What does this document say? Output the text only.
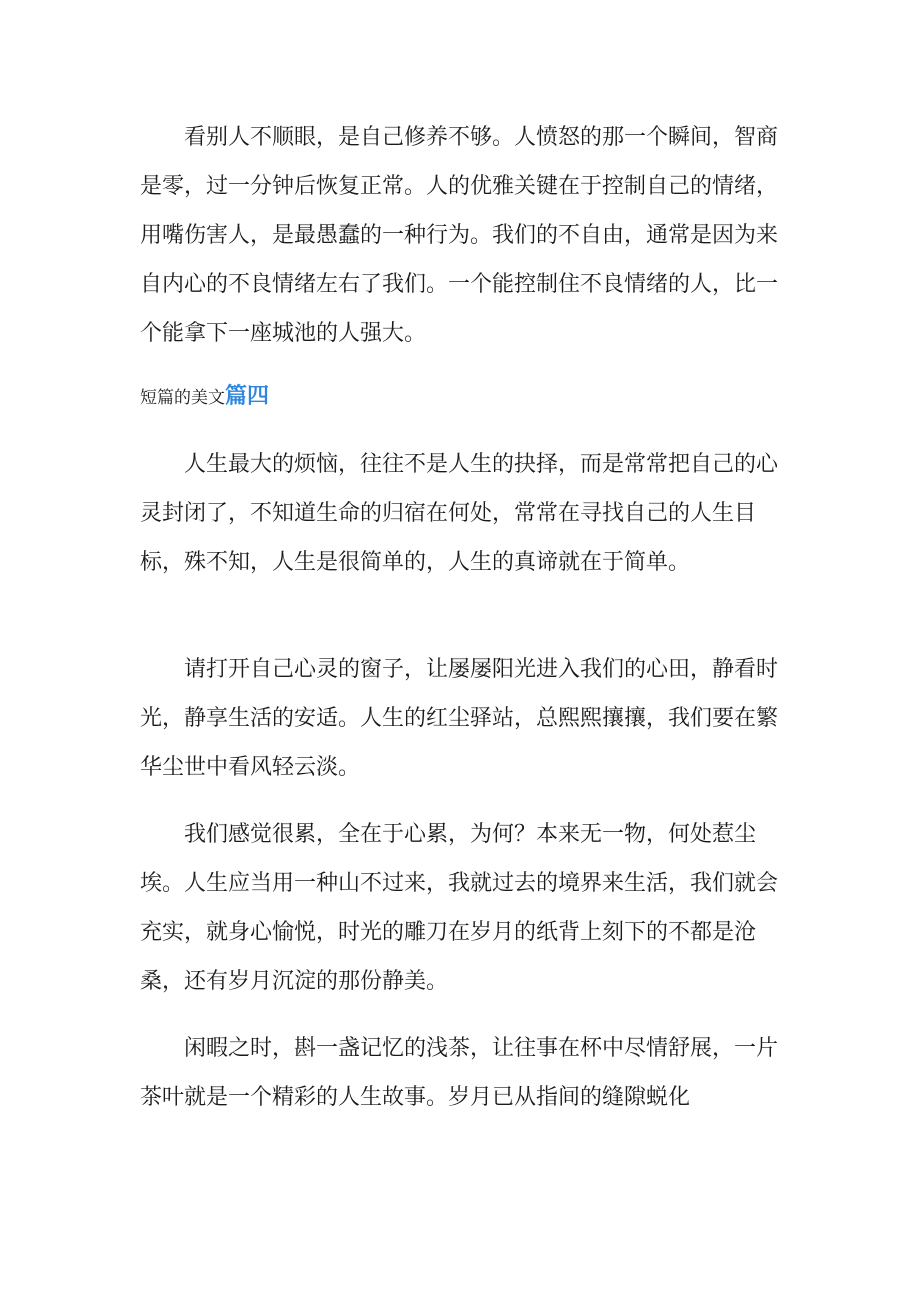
看别人不顺眼，是自己修养不够。人愤怒的那一个瞬间，智商是零，过一分钟后恢复正常。人的优雅关键在于控制自己的情绪，用嘴伤害人，是最愚蠢的一种行为。我们的不自由，通常是因为来自内心的不良情绪左右了我们。一个能控制住不良情绪的人，比一个能拿下一座城池的人强大。

短篇的美文篇四

人生最大的烦恼，往往不是人生的抉择，而是常常把自己的心灵封闭了，不知道生命的归宿在何处，常常在寻找自己的人生目标，殊不知，人生是很简单的，人生的真谛就在于简单。

请打开自己心灵的窗子，让屡屡阳光进入我们的心田，静看时光，静享生活的安适。人生的红尘驿站，总熙熙攘攘，我们要在繁华尘世中看风轻云淡。

我们感觉很累，全在于心累，为何？本来无一物，何处惹尘埃。人生应当用一种山不过来，我就过去的境界来生活，我们就会充实，就身心愉悦，时光的雕刀在岁月的纸背上刻下的不都是沧桑，还有岁月沉淀的那份静美。

闲暇之时，斟一盏记忆的浅茶，让往事在杯中尽情舒展，一片茶叶就是一个精彩的人生故事。岁月已从指间的缝隙蜕化
